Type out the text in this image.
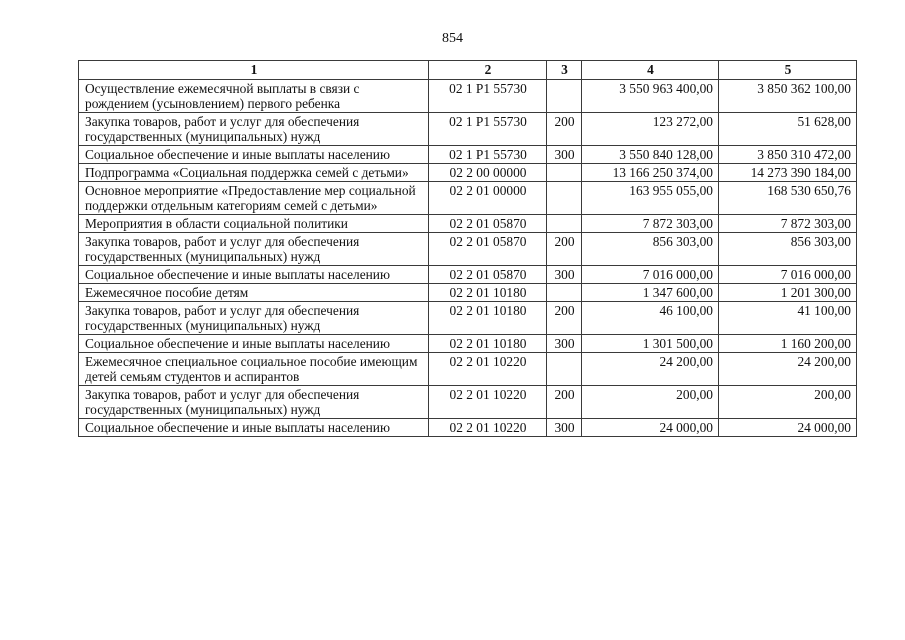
854
1	2	3	4	5
Осуществление ежемесячной выплаты в связи с рождением (усыновлением) первого ребенка	02 1 P1 55730		3 550 963 400,00	3 850 362 100,00
Закупка товаров, работ и услуг для обеспечения государственных (муниципальных) нужд	02 1 P1 55730	200	123 272,00	51 628,00
Социальное обеспечение и иные выплаты населению	02 1 P1 55730	300	3 550 840 128,00	3 850 310 472,00
Подпрограмма «Социальная поддержка семей с детьми»	02 2 00 00000		13 166 250 374,00	14 273 390 184,00
Основное мероприятие «Предоставление мер социальной поддержки отдельным категориям семей с детьми»	02 2 01 00000		163 955 055,00	168 530 650,76
Мероприятия в области социальной политики	02 2 01 05870		7 872 303,00	7 872 303,00
Закупка товаров, работ и услуг для обеспечения государственных (муниципальных) нужд	02 2 01 05870	200	856 303,00	856 303,00
Социальное обеспечение и иные выплаты населению	02 2 01 05870	300	7 016 000,00	7 016 000,00
Ежемесячное пособие детям	02 2 01 10180		1 347 600,00	1 201 300,00
Закупка товаров, работ и услуг для обеспечения государственных (муниципальных) нужд	02 2 01 10180	200	46 100,00	41 100,00
Социальное обеспечение и иные выплаты населению	02 2 01 10180	300	1 301 500,00	1 160 200,00
Ежемесячное специальное социальное пособие имеющим детей семьям студентов и аспирантов	02 2 01 10220		24 200,00	24 200,00
Закупка товаров, работ и услуг для обеспечения государственных (муниципальных) нужд	02 2 01 10220	200	200,00	200,00
Социальное обеспечение и иные выплаты населению	02 2 01 10220	300	24 000,00	24 000,00
